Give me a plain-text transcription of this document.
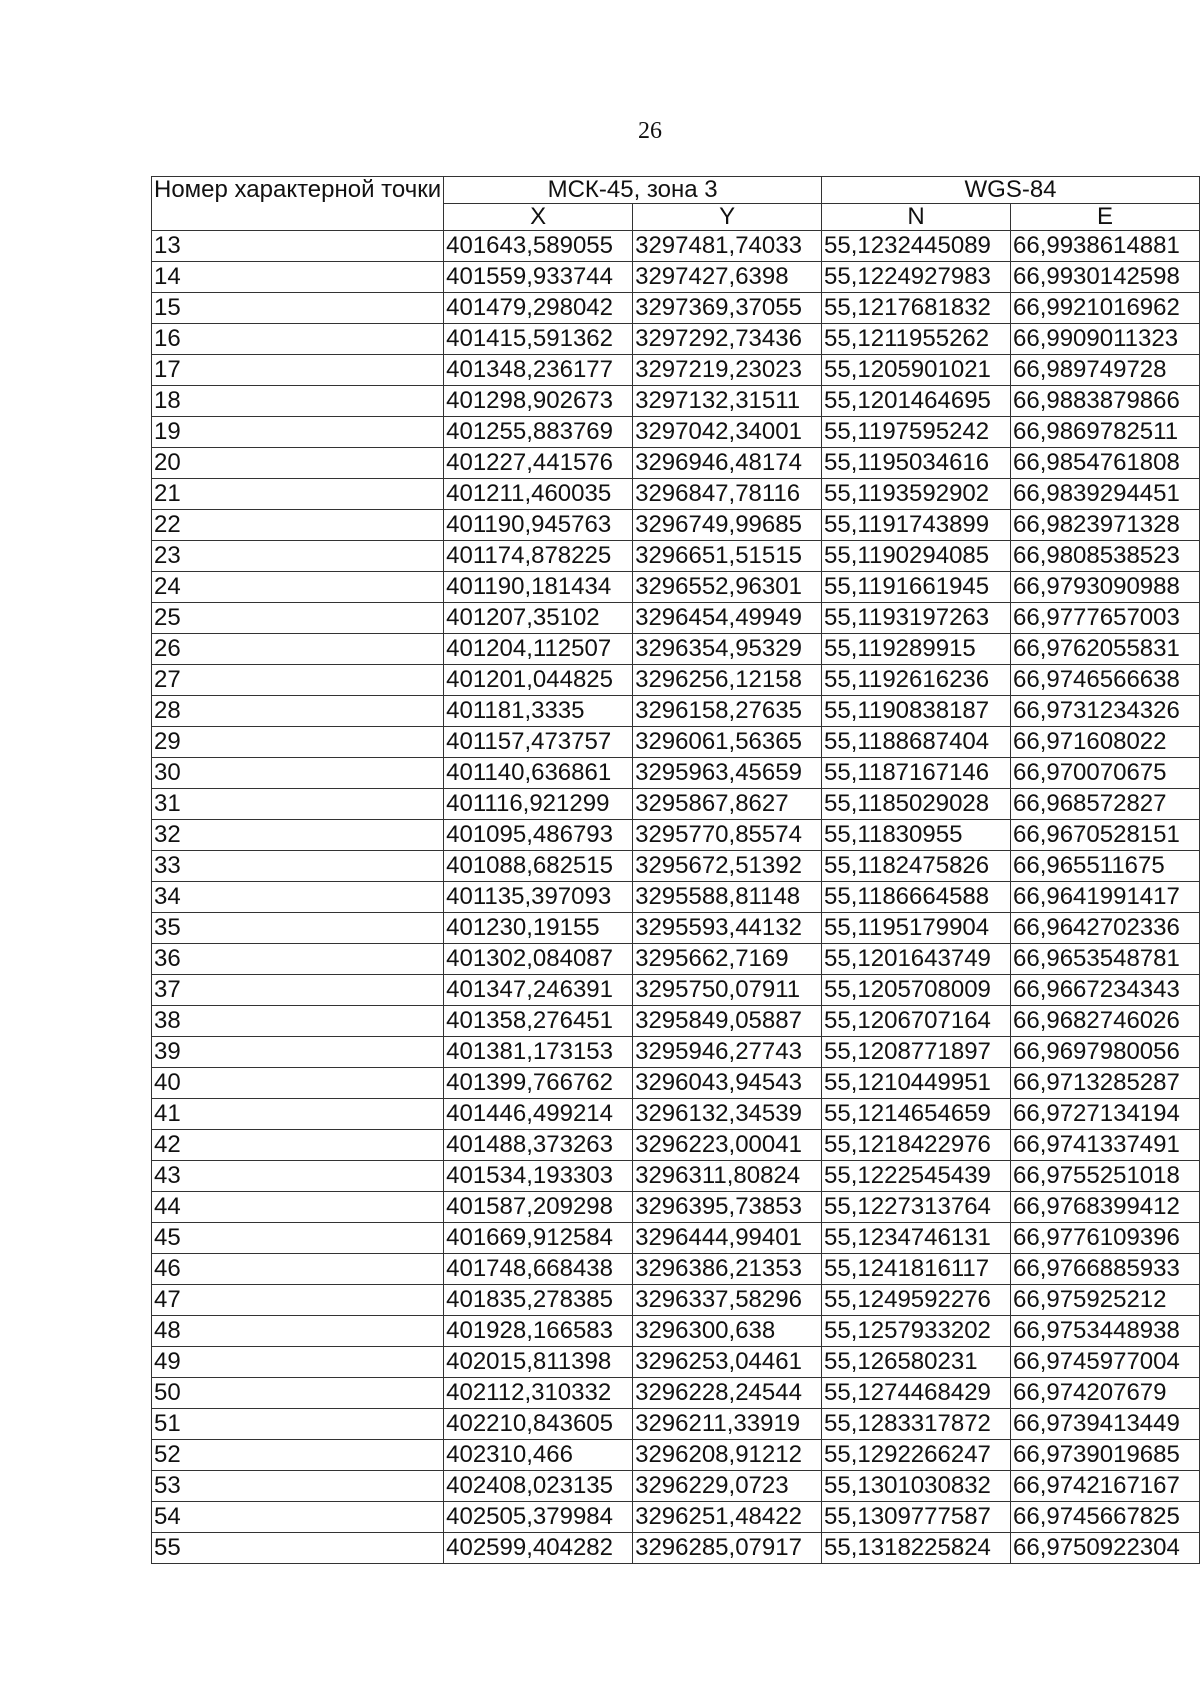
26
Номер характерной точки	МСК-45, зона 3		WGS-84	
	X	Y	N	E
13	401643,589055	3297481,74033	55,1232445089	66,9938614881
14	401559,933744	3297427,6398	55,1224927983	66,9930142598
15	401479,298042	3297369,37055	55,1217681832	66,9921016962
16	401415,591362	3297292,73436	55,1211955262	66,9909011323
17	401348,236177	3297219,23023	55,1205901021	66,989749728
18	401298,902673	3297132,31511	55,1201464695	66,9883879866
19	401255,883769	3297042,34001	55,1197595242	66,9869782511
20	401227,441576	3296946,48174	55,1195034616	66,9854761808
21	401211,460035	3296847,78116	55,1193592902	66,9839294451
22	401190,945763	3296749,99685	55,1191743899	66,9823971328
23	401174,878225	3296651,51515	55,1190294085	66,9808538523
24	401190,181434	3296552,96301	55,1191661945	66,9793090988
25	401207,35102	3296454,49949	55,1193197263	66,9777657003
26	401204,112507	3296354,95329	55,119289915	66,9762055831
27	401201,044825	3296256,12158	55,1192616236	66,9746566638
28	401181,3335	3296158,27635	55,1190838187	66,9731234326
29	401157,473757	3296061,56365	55,1188687404	66,971608022
30	401140,636861	3295963,45659	55,1187167146	66,970070675
31	401116,921299	3295867,8627	55,1185029028	66,968572827
32	401095,486793	3295770,85574	55,11830955	66,9670528151
33	401088,682515	3295672,51392	55,1182475826	66,965511675
34	401135,397093	3295588,81148	55,1186664588	66,9641991417
35	401230,19155	3295593,44132	55,1195179904	66,9642702336
36	401302,084087	3295662,7169	55,1201643749	66,9653548781
37	401347,246391	3295750,07911	55,1205708009	66,9667234343
38	401358,276451	3295849,05887	55,1206707164	66,9682746026
39	401381,173153	3295946,27743	55,1208771897	66,9697980056
40	401399,766762	3296043,94543	55,1210449951	66,9713285287
41	401446,499214	3296132,34539	55,1214654659	66,9727134194
42	401488,373263	3296223,00041	55,1218422976	66,9741337491
43	401534,193303	3296311,80824	55,1222545439	66,9755251018
44	401587,209298	3296395,73853	55,1227313764	66,9768399412
45	401669,912584	3296444,99401	55,1234746131	66,9776109396
46	401748,668438	3296386,21353	55,1241816117	66,9766885933
47	401835,278385	3296337,58296	55,1249592276	66,975925212
48	401928,166583	3296300,638	55,1257933202	66,9753448938
49	402015,811398	3296253,04461	55,126580231	66,9745977004
50	402112,310332	3296228,24544	55,1274468429	66,974207679
51	402210,843605	3296211,33919	55,1283317872	66,9739413449
52	402310,466	3296208,91212	55,1292266247	66,9739019685
53	402408,023135	3296229,0723	55,1301030832	66,9742167167
54	402505,379984	3296251,48422	55,1309777587	66,9745667825
55	402599,404282	3296285,07917	55,1318225824	66,9750922304
